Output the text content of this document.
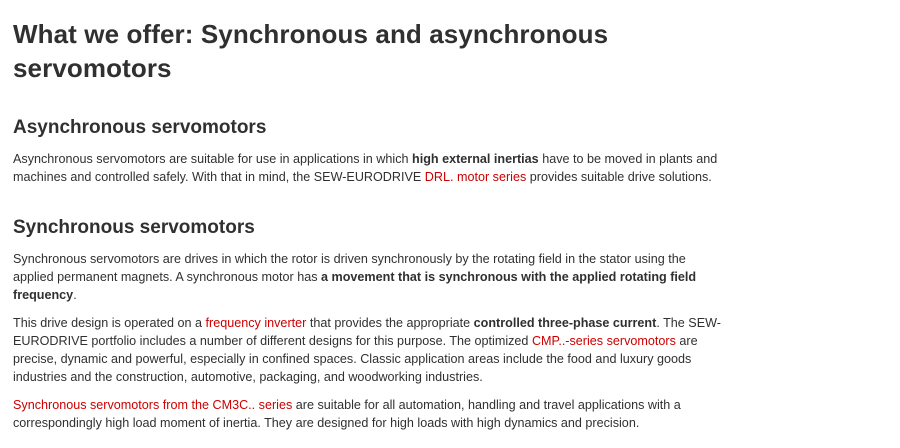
What we offer: Synchronous and asynchronous servomotors
Asynchronous servomotors

Asynchronous servomotors are suitable for use in applications in which high external inertias have to be moved in plants and machines and controlled safely. With that in mind, the SEW-EURODRIVE DRL. motor series provides suitable drive solutions.

Synchronous servomotors

Synchronous servomotors are drives in which the rotor is driven synchronously by the rotating field in the stator using the applied permanent magnets. A synchronous motor has a movement that is synchronous with the applied rotating field frequency.

This drive design is operated on a frequency inverter that provides the appropriate controlled three-phase current. The SEW-EURODRIVE portfolio includes a number of different designs for this purpose. The optimized CMP..-series servomotors are precise, dynamic and powerful, especially in confined spaces. Classic application areas include the food and luxury goods industries and the construction, automotive, packaging, and woodworking industries.

Synchronous servomotors from the CM3C.. series are suitable for all automation, handling and travel applications with a correspondingly high load moment of inertia. They are designed for high loads with high dynamics and precision.
